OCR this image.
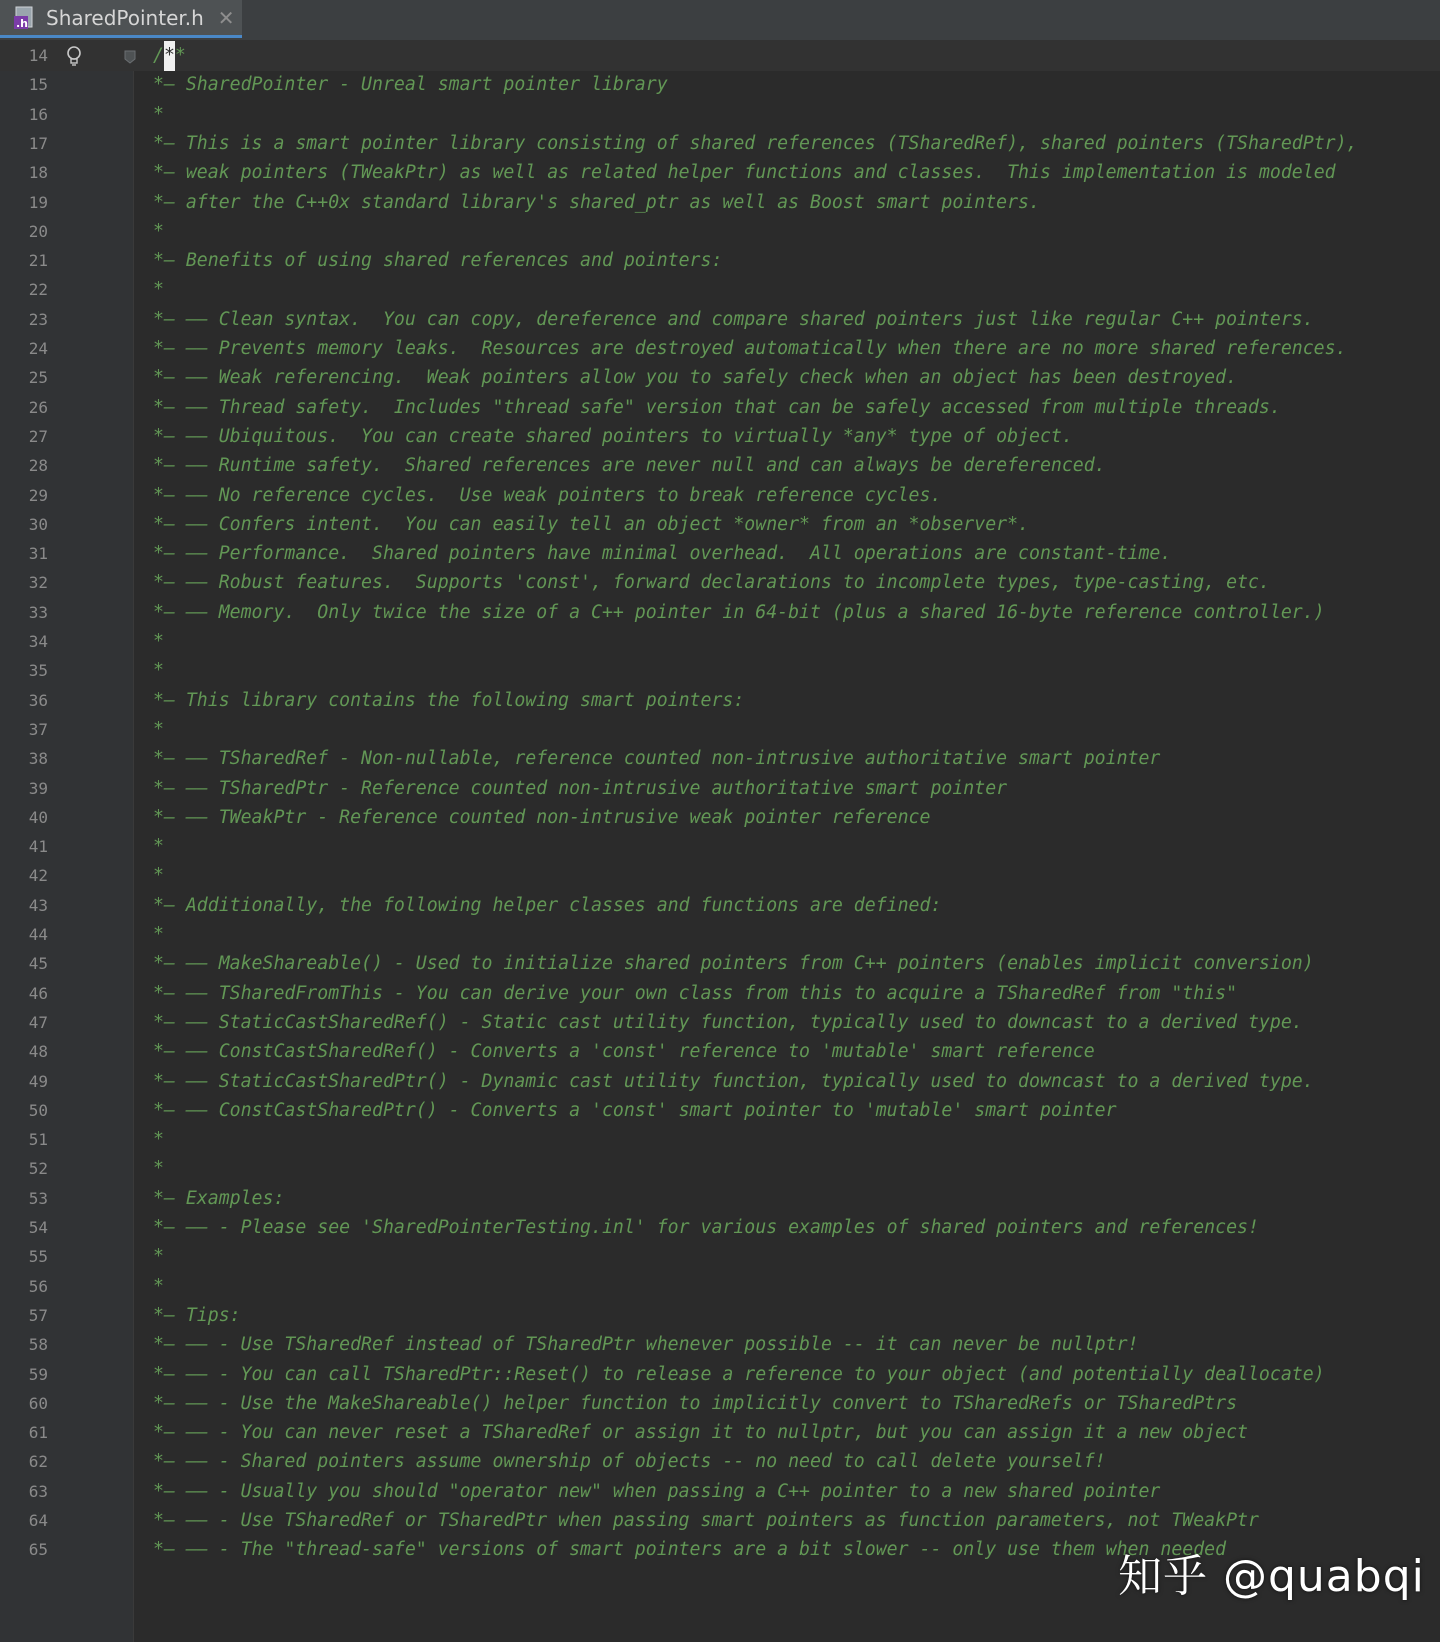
.h SharedPointer.h ✕
14	/**
15	*— SharedPointer - Unreal smart pointer library
16	*
17	*— This is a smart pointer library consisting of shared references (TSharedRef), shared pointers (TSharedPtr),
18	*— weak pointers (TWeakPtr) as well as related helper functions and classes.  This implementation is modeled
19	*— after the C++0x standard library's shared_ptr as well as Boost smart pointers.
20	*
21	*— Benefits of using shared references and pointers:
22	*
23	*— —— Clean syntax.  You can copy, dereference and compare shared pointers just like regular C++ pointers.
24	*— —— Prevents memory leaks.  Resources are destroyed automatically when there are no more shared references.
25	*— —— Weak referencing.  Weak pointers allow you to safely check when an object has been destroyed.
26	*— —— Thread safety.  Includes "thread safe" version that can be safely accessed from multiple threads.
27	*— —— Ubiquitous.  You can create shared pointers to virtually *any* type of object.
28	*— —— Runtime safety.  Shared references are never null and can always be dereferenced.
29	*— —— No reference cycles.  Use weak pointers to break reference cycles.
30	*— —— Confers intent.  You can easily tell an object *owner* from an *observer*.
31	*— —— Performance.  Shared pointers have minimal overhead.  All operations are constant-time.
32	*— —— Robust features.  Supports 'const', forward declarations to incomplete types, type-casting, etc.
33	*— —— Memory.  Only twice the size of a C++ pointer in 64-bit (plus a shared 16-byte reference controller.)
34	*
35	*
36	*— This library contains the following smart pointers:
37	*
38	*— —— TSharedRef - Non-nullable, reference counted non-intrusive authoritative smart pointer
39	*— —— TSharedPtr - Reference counted non-intrusive authoritative smart pointer
40	*— —— TWeakPtr - Reference counted non-intrusive weak pointer reference
41	*
42	*
43	*— Additionally, the following helper classes and functions are defined:
44	*
45	*— —— MakeShareable() - Used to initialize shared pointers from C++ pointers (enables implicit conversion)
46	*— —— TSharedFromThis - You can derive your own class from this to acquire a TSharedRef from "this"
47	*— —— StaticCastSharedRef() - Static cast utility function, typically used to downcast to a derived type.
48	*— —— ConstCastSharedRef() - Converts a 'const' reference to 'mutable' smart reference
49	*— —— StaticCastSharedPtr() - Dynamic cast utility function, typically used to downcast to a derived type.
50	*— —— ConstCastSharedPtr() - Converts a 'const' smart pointer to 'mutable' smart pointer
51	*
52	*
53	*— Examples:
54	*— —— - Please see 'SharedPointerTesting.inl' for various examples of shared pointers and references!
55	*
56	*
57	*— Tips:
58	*— —— - Use TSharedRef instead of TSharedPtr whenever possible -- it can never be nullptr!
59	*— —— - You can call TSharedPtr::Reset() to release a reference to your object (and potentially deallocate)
60	*— —— - Use the MakeShareable() helper function to implicitly convert to TSharedRefs or TSharedPtrs
61	*— —— - You can never reset a TSharedRef or assign it to nullptr, but you can assign it a new object
62	*— —— - Shared pointers assume ownership of objects -- no need to call delete yourself!
63	*— —— - Usually you should "operator new" when passing a C++ pointer to a new shared pointer
64	*— —— - Use TSharedRef or TSharedPtr when passing smart pointers as function parameters, not TWeakPtr
65	*— —— - The "thread-safe" versions of smart pointers are a bit slower -- only use them when needed
知乎 @quabqi
